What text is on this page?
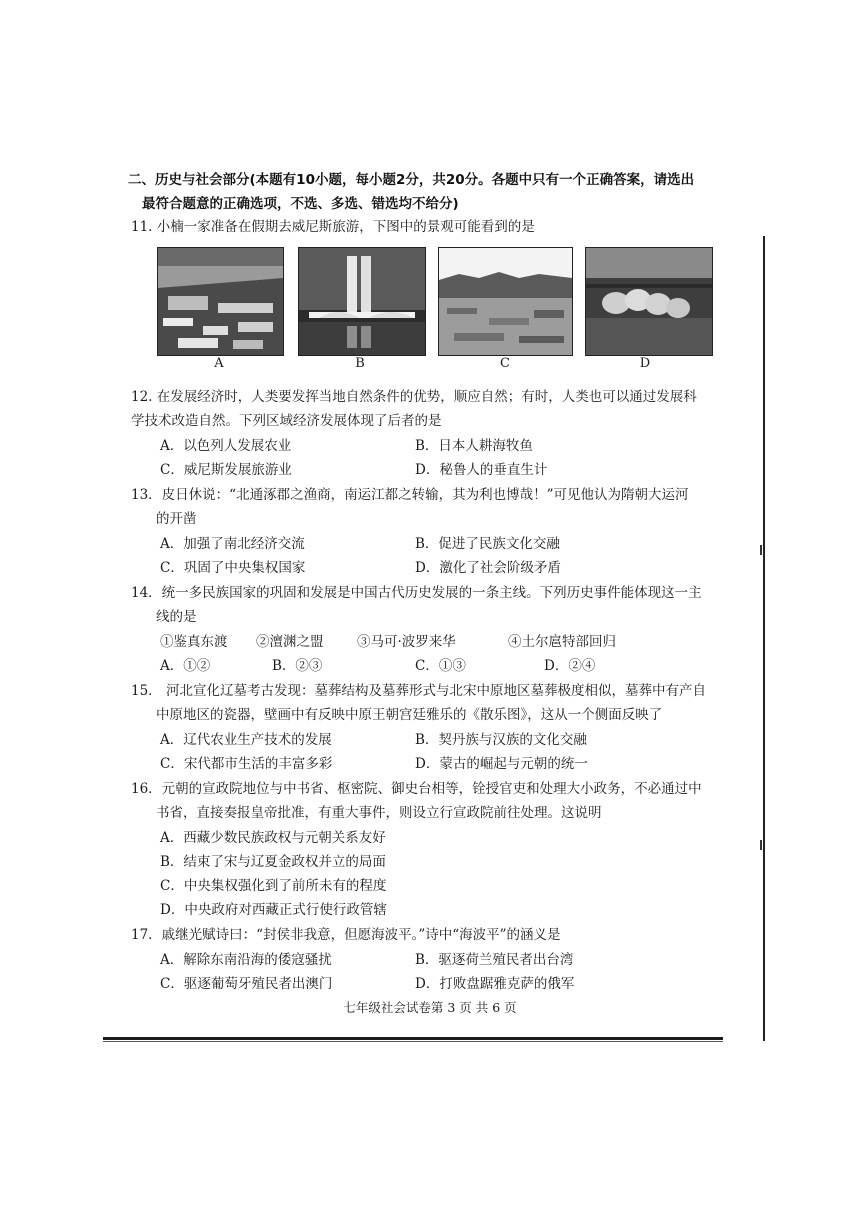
二、历史与社会部分(本题有10小题，每小题2分，共20分。各题中只有一个正确答案，请选出
最符合题意的正确选项，不选、多选、错选均不给分)
11. 小楠一家准备在假期去威尼斯旅游，下图中的景观可能看到的是
A	B	C	D
12. 在发展经济时，人类要发挥当地自然条件的优势，顺应自然；有时，人类也可以通过发展科
学技术改造自然。下列区域经济发展体现了后者的是
A．以色列人发展农业	B．日本人耕海牧鱼
C．威尼斯发展旅游业	D．秘鲁人的垂直生计
13．皮日休说：“北通涿郡之渔商，南运江都之转输，其为利也博哉！”可见他认为隋朝大运河
的开凿
A．加强了南北经济交流	B．促进了民族文化交融
C．巩固了中央集权国家	D．激化了社会阶级矛盾
14．统一多民族国家的巩固和发展是中国古代历史发展的一条主线。下列历史事件能体现这一主
线的是
①鉴真东渡 ②澶渊之盟 ③马可·波罗来华	④土尔扈特部回归
A．①②	B．②③	C．①③	D．②④
15． 河北宣化辽墓考古发现：墓葬结构及墓葬形式与北宋中原地区墓葬极度相似，墓葬中有产自
中原地区的瓷器，壁画中有反映中原王朝宫廷雅乐的《散乐图》，这从一个侧面反映了
A．辽代农业生产技术的发展	B．契丹族与汉族的文化交融
C．宋代都市生活的丰富多彩	D．蒙古的崛起与元朝的统一
16．元朝的宣政院地位与中书省、枢密院、御史台相等，铨授官吏和处理大小政务，不必通过中
书省，直接奏报皇帝批准，有重大事件，则设立行宣政院前往处理。这说明
A．西藏少数民族政权与元朝关系友好
B．结束了宋与辽夏金政权并立的局面
C．中央集权强化到了前所未有的程度
D．中央政府对西藏正式行使行政管辖
17．戚继光赋诗曰：“封侯非我意，但愿海波平。”诗中“海波平”的涵义是
A．解除东南沿海的倭寇骚扰	B．驱逐荷兰殖民者出台湾
C．驱逐葡萄牙殖民者出澳门	D．打败盘踞雅克萨的俄军
七年级社会试卷第 3 页 共 6 页
